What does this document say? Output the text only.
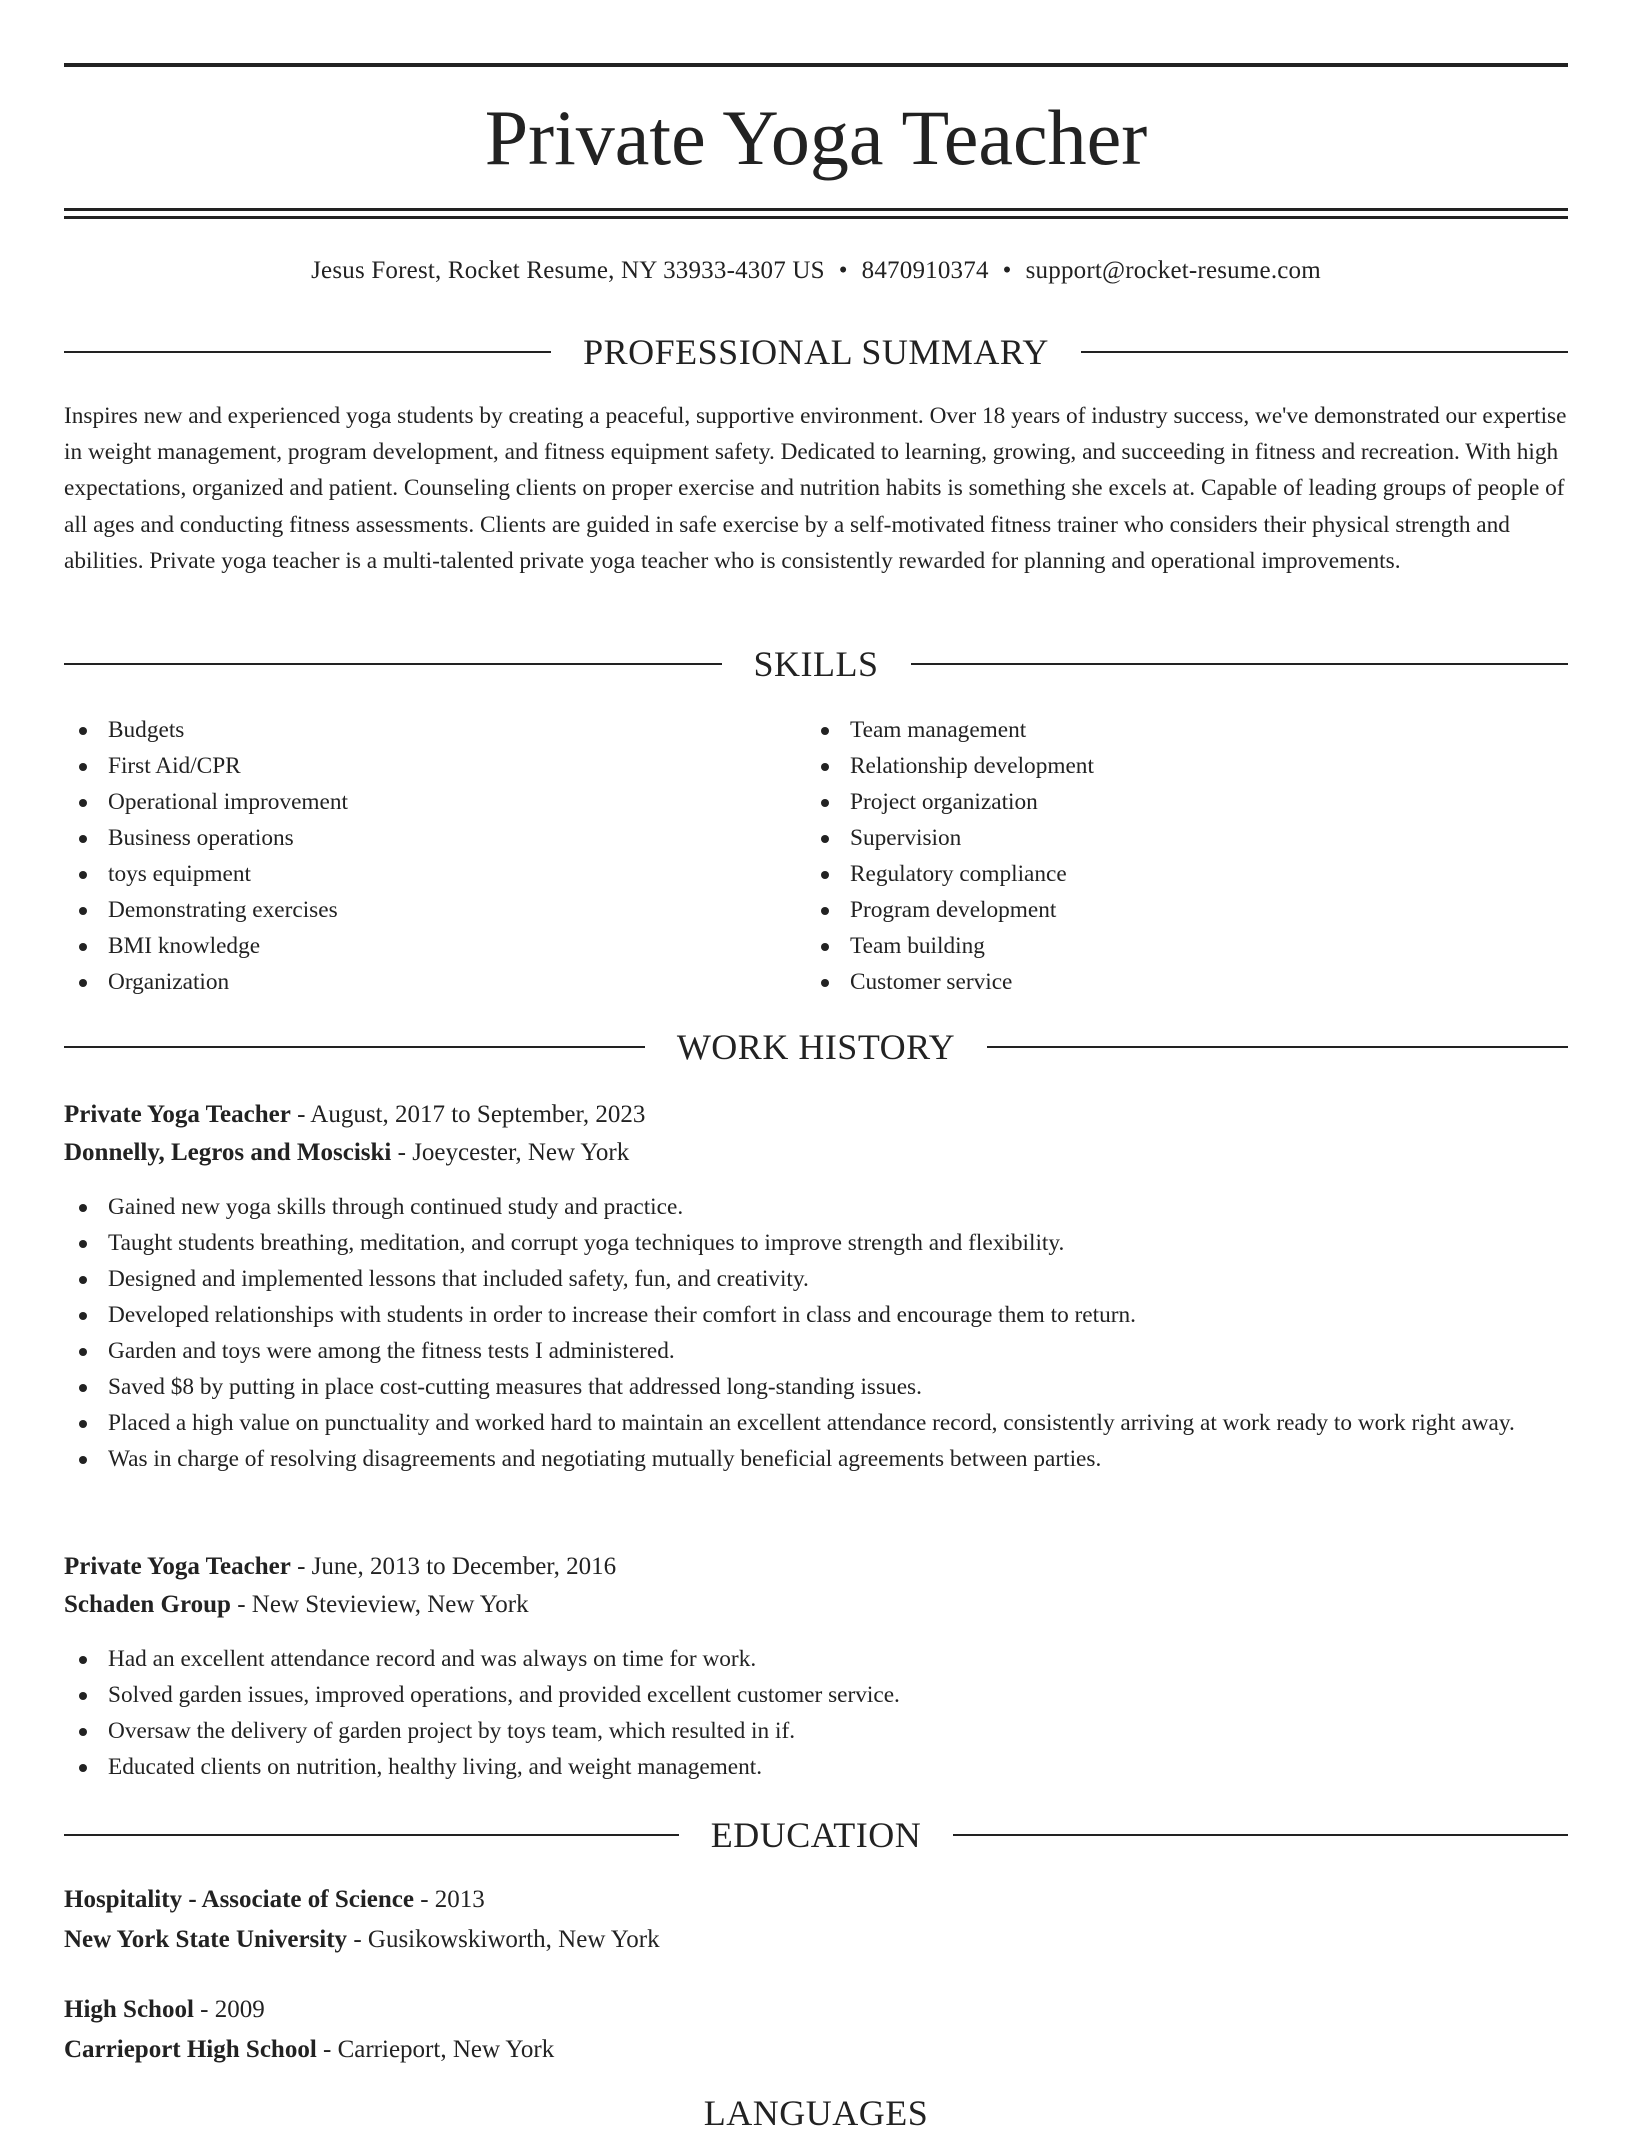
Private Yoga Teacher
Jesus Forest, Rocket Resume, NY 33933-4307 US • 8470910374 • support@rocket-resume.com
PROFESSIONAL SUMMARY

Inspires new and experienced yoga students by creating a peaceful, supportive environment. Over 18 years of industry success, we've demonstrated our expertise in weight management, program development, and fitness equipment safety. Dedicated to learning, growing, and succeeding in fitness and recreation. With high expectations, organized and patient. Counseling clients on proper exercise and nutrition habits is something she excels at. Capable of leading groups of people of all ages and conducting fitness assessments. Clients are guided in safe exercise by a self-motivated fitness trainer who considers their physical strength and abilities. Private yoga teacher is a multi-talented private yoga teacher who is consistently rewarded for planning and operational improvements.

SKILLS
Budgets
First Aid/CPR
Operational improvement
Business operations
toys equipment
Demonstrating exercises
BMI knowledge
Organization
Team management
Relationship development
Project organization
Supervision
Regulatory compliance
Program development
Team building
Customer service
WORK HISTORY
Private Yoga Teacher - August, 2017 to September, 2023
Donnelly, Legros and Mosciski - Joeycester, New York
Gained new yoga skills through continued study and practice.
Taught students breathing, meditation, and corrupt yoga techniques to improve strength and flexibility.
Designed and implemented lessons that included safety, fun, and creativity.
Developed relationships with students in order to increase their comfort in class and encourage them to return.
Garden and toys were among the fitness tests I administered.
Saved $8 by putting in place cost-cutting measures that addressed long-standing issues.
Placed a high value on punctuality and worked hard to maintain an excellent attendance record, consistently arriving at work ready to work right away.
Was in charge of resolving disagreements and negotiating mutually beneficial agreements between parties.
Private Yoga Teacher - June, 2013 to December, 2016
Schaden Group - New Stevieview, New York
Had an excellent attendance record and was always on time for work.
Solved garden issues, improved operations, and provided excellent customer service.
Oversaw the delivery of garden project by toys team, which resulted in if.
Educated clients on nutrition, healthy living, and weight management.
EDUCATION
Hospitality - Associate of Science - 2013
New York State University - Gusikowskiworth, New York
High School - 2009
Carrieport High School - Carrieport, New York
LANGUAGES
